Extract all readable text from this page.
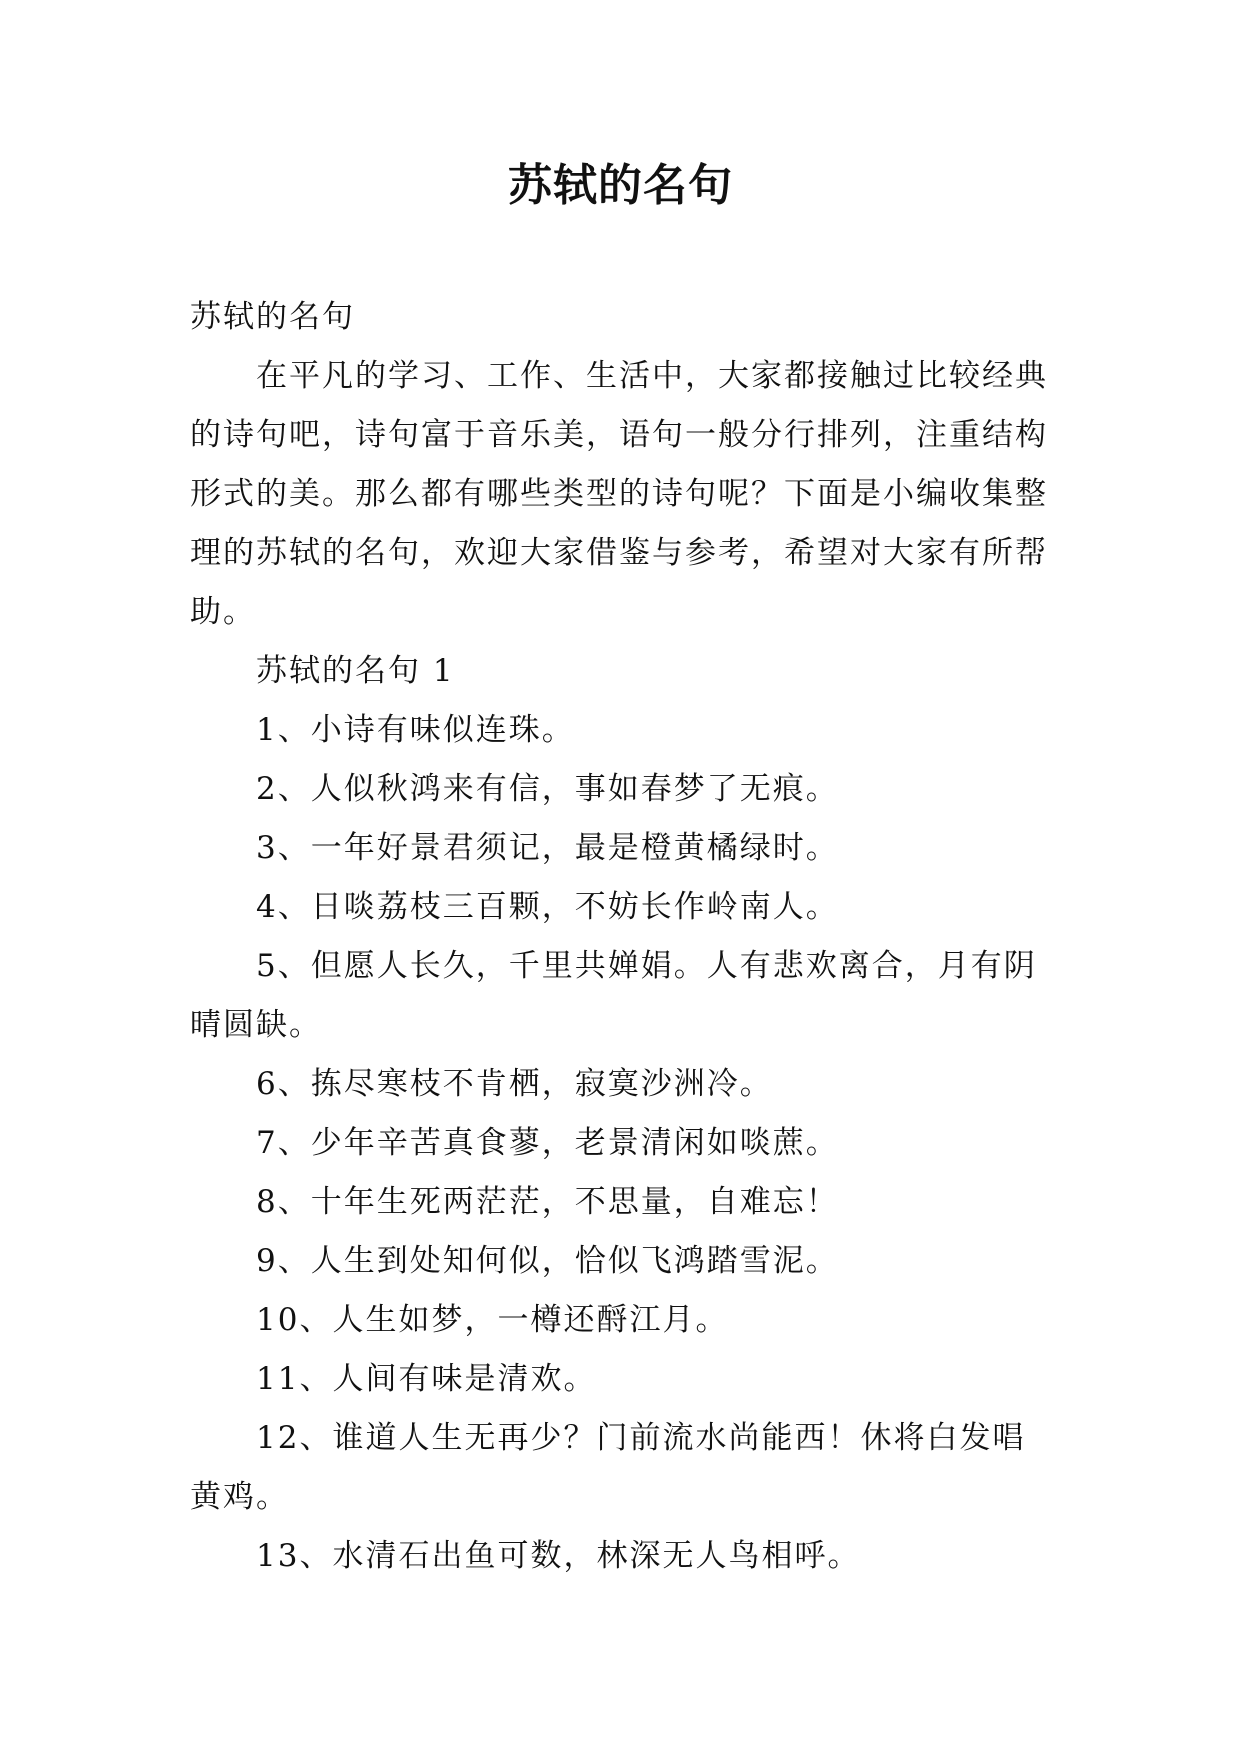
苏轼的名句

苏轼的名句

在平凡的学习、工作、生活中，大家都接触过比较经典的诗句吧，诗句富于音乐美，语句一般分行排列，注重结构形式的美。那么都有哪些类型的诗句呢？下面是小编收集整理的苏轼的名句，欢迎大家借鉴与参考，希望对大家有所帮助。

苏轼的名句 1

1、小诗有味似连珠。

2、人似秋鸿来有信，事如春梦了无痕。

3、一年好景君须记，最是橙黄橘绿时。

4、日啖荔枝三百颗，不妨长作岭南人。

5、但愿人长久，千里共婵娟。人有悲欢离合，月有阴晴圆缺。

6、拣尽寒枝不肯栖，寂寞沙洲冷。

7、少年辛苦真食蓼，老景清闲如啖蔗。

8、十年生死两茫茫，不思量，自难忘！

9、人生到处知何似，恰似飞鸿踏雪泥。

10、人生如梦，一樽还酹江月。

11、人间有味是清欢。

12、谁道人生无再少？门前流水尚能西！休将白发唱黄鸡。

13、水清石出鱼可数，林深无人鸟相呼。
